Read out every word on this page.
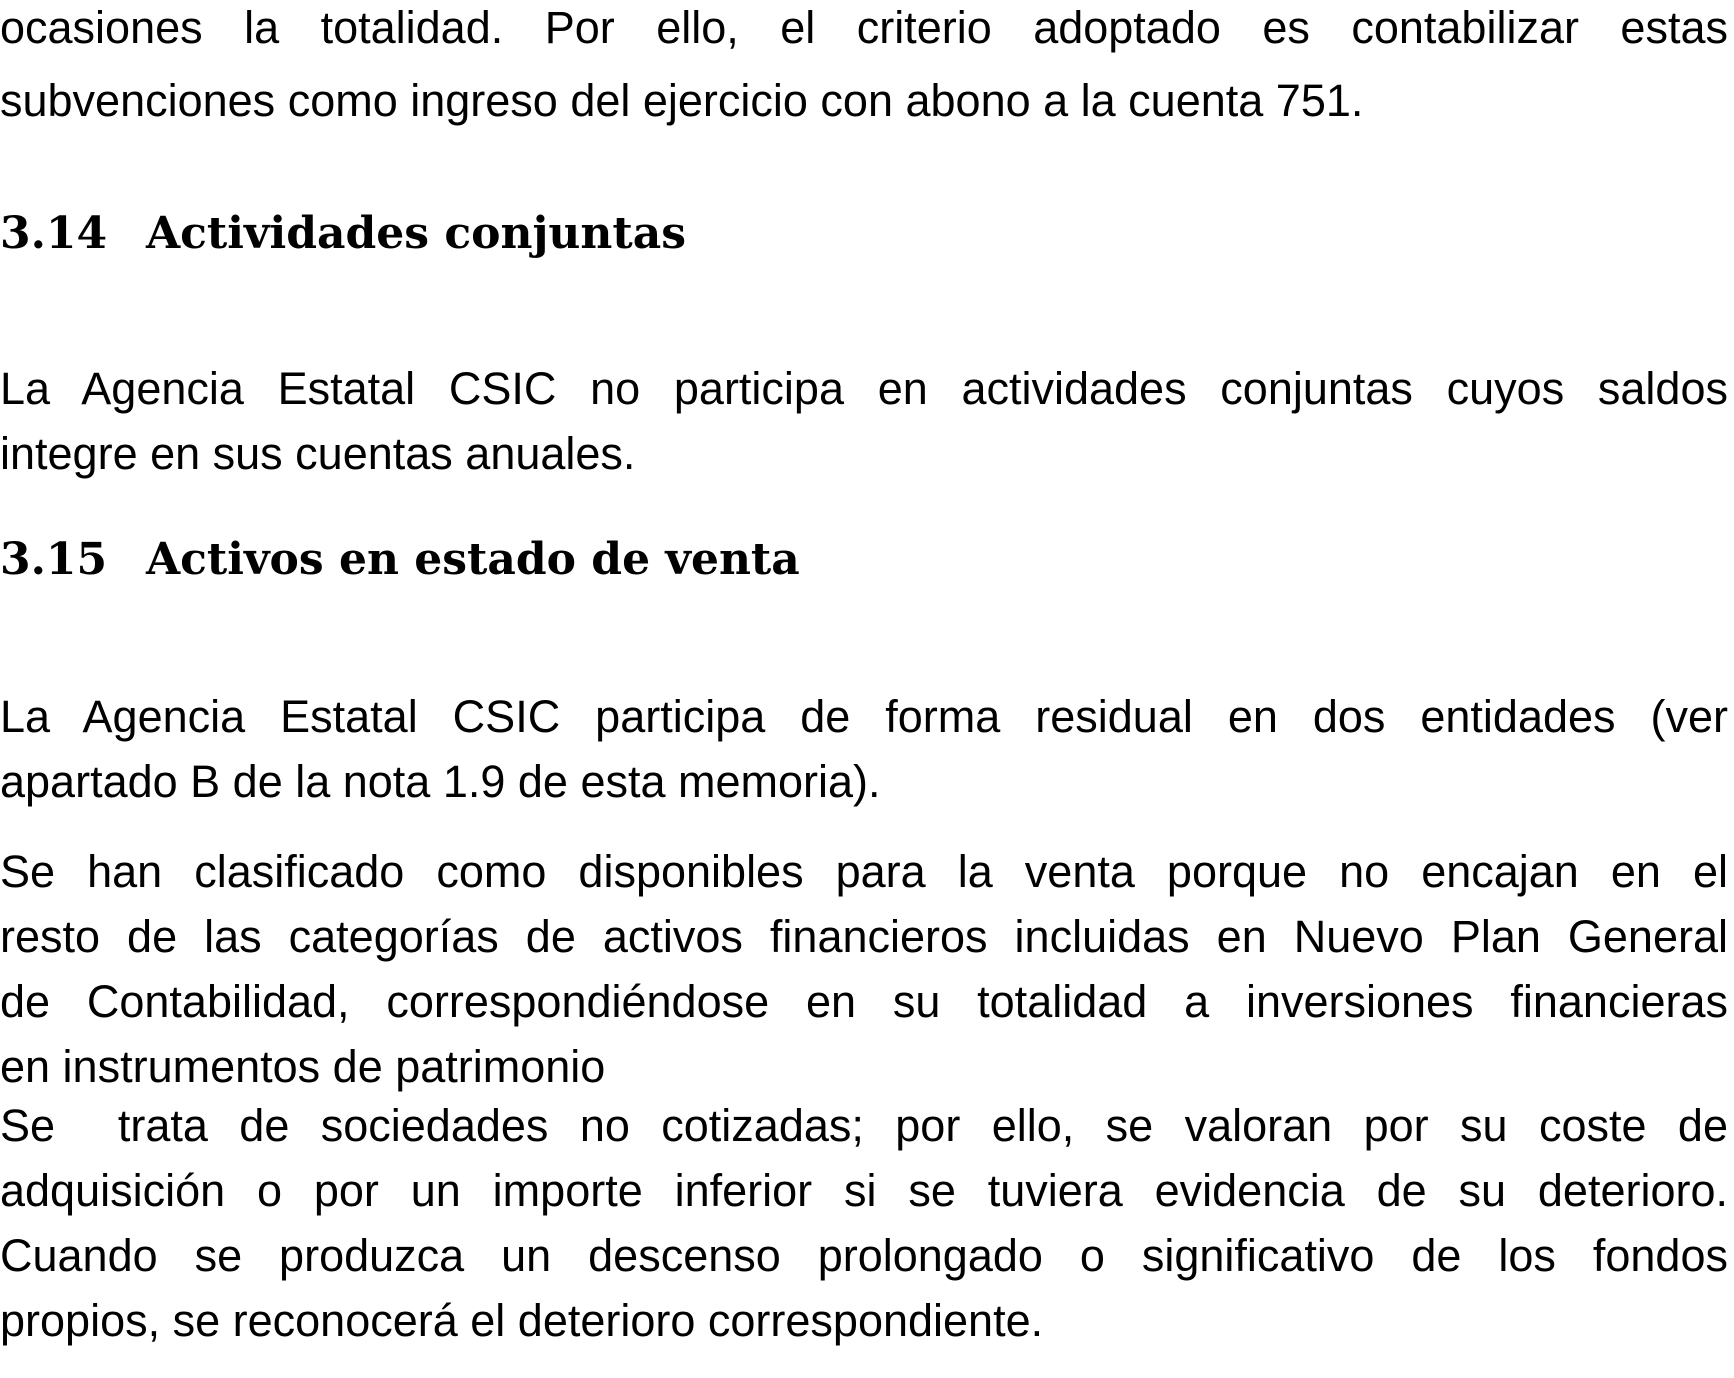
ocasiones la totalidad. Por ello, el criterio adoptado es contabilizar estas
subvenciones como ingreso del ejercicio con abono a la cuenta 751.
3.14 Actividades conjuntas
La Agencia Estatal CSIC no participa en actividades conjuntas cuyos saldos
integre en sus cuentas anuales.
3.15 Activos en estado de venta
La Agencia Estatal CSIC participa de forma residual en dos entidades (ver
apartado B de la nota 1.9 de esta memoria).
Se han clasificado como disponibles para la venta porque no encajan en el
resto de las categorías de activos financieros incluidas en Nuevo Plan General
de Contabilidad, correspondiéndose en su totalidad a inversiones financieras
en instrumentos de patrimonio
Se  trata de sociedades no cotizadas; por ello, se valoran por su coste de
adquisición o por un importe inferior si se tuviera evidencia de su deterioro.
Cuando se produzca un descenso prolongado o significativo de los fondos
propios, se reconocerá el deterioro correspondiente.
